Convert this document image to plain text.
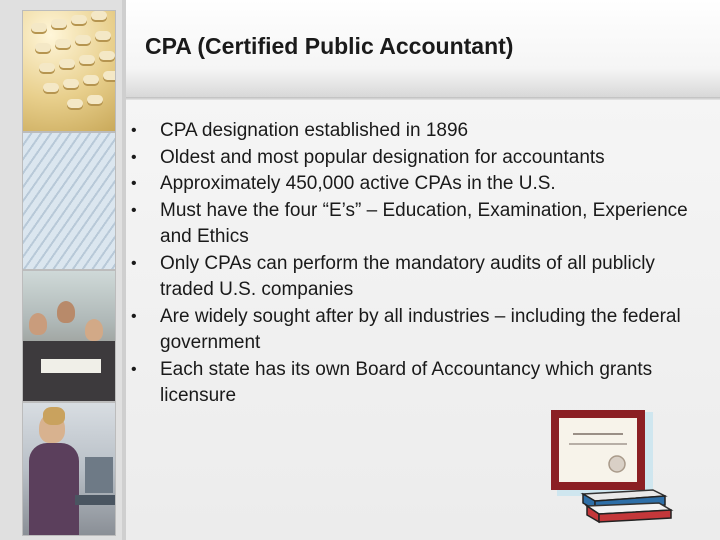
CPA (Certified Public Accountant)
• CPA designation established in 1896
• Oldest and most popular designation for accountants
• Approximately 450,000 active CPAs in the U.S.
• Must have the four “E’s” – Education, Examination, Experience and Ethics
• Only CPAs can perform the mandatory audits of all publicly traded U.S. companies
• Are widely sought after by all industries – including the federal government
• Each state has its own Board of Accountancy which grants licensure
